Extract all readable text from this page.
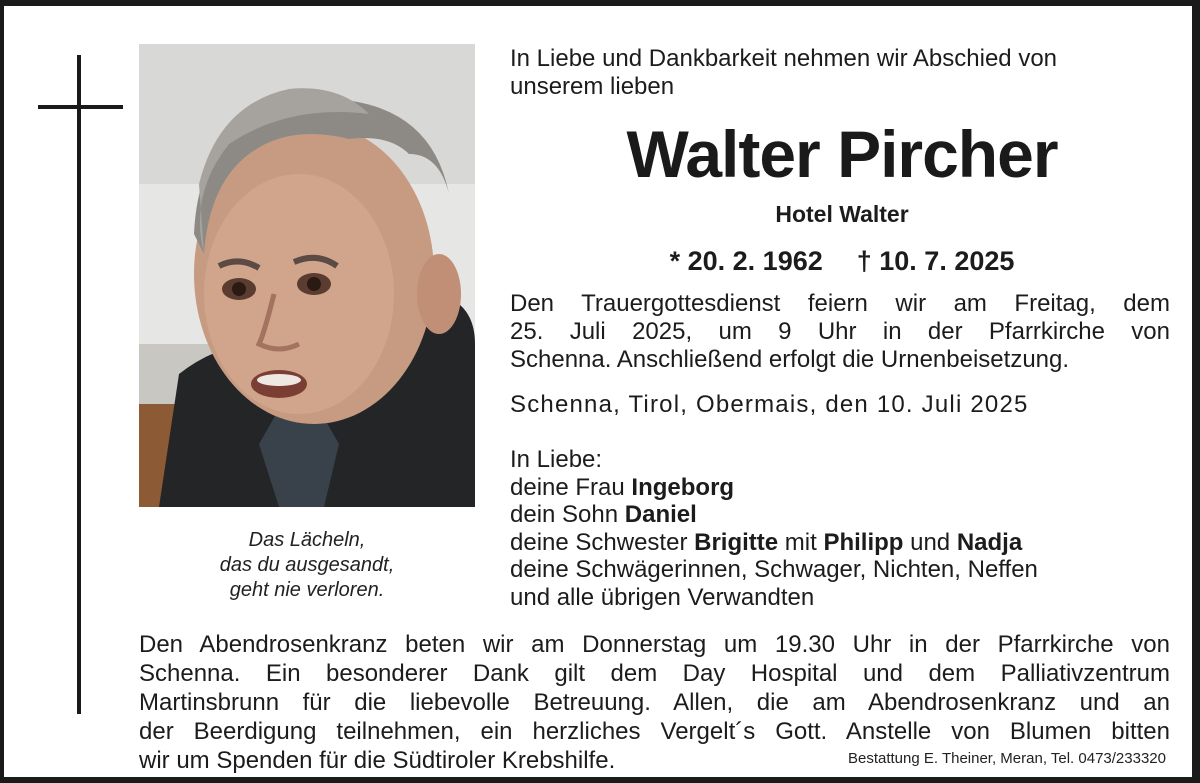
Das Lächeln,
das du ausgesandt,
geht nie verloren.
In Liebe und Dankbarkeit nehmen wir Abschied von
unserem lieben
Walter Pircher
Hotel Walter
* 20. 2. 1962 † 10. 7. 2025
Den Trauergottesdienst feiern wir am Freitag, dem
25. Juli 2025, um 9 Uhr in der Pfarrkirche von
Schenna. Anschließend erfolgt die Urnenbeisetzung.
Schenna, Tirol, Obermais, den 10. Juli 2025
In Liebe:
deine Frau Ingeborg
dein Sohn Daniel
deine Schwester Brigitte mit Philipp und Nadja
deine Schwägerinnen, Schwager, Nichten, Neffen
und alle übrigen Verwandten
Den Abendrosenkranz beten wir am Donnerstag um 19.30 Uhr in der Pfarrkirche von
Schenna. Ein besonderer Dank gilt dem Day Hospital und dem Palliativzentrum
Martinsbrunn für die liebevolle Betreuung. Allen, die am Abendrosenkranz und an
der Beerdigung teilnehmen, ein herzliches Vergelt´s Gott. Anstelle von Blumen bitten
wir um Spenden für die Südtiroler Krebshilfe.	Bestattung E. Theiner, Meran, Tel. 0473/233320
